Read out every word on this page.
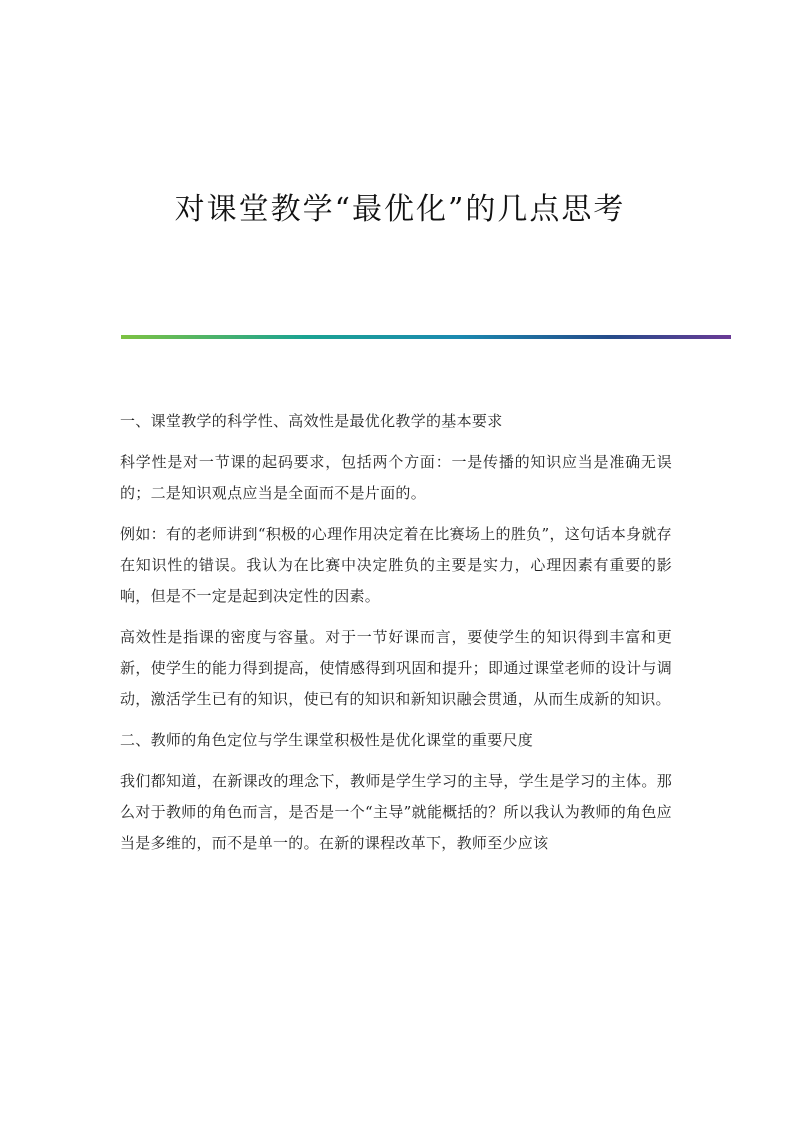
对课堂教学“最优化”的几点思考
一、课堂教学的科学性、高效性是最优化教学的基本要求

科学性是对一节课的起码要求，包括两个方面：一是传播的知识应当是准确无误的；二是知识观点应当是全面而不是片面的。

例如：有的老师讲到“积极的心理作用决定着在比赛场上的胜负”，这句话本身就存在知识性的错误。我认为在比赛中决定胜负的主要是实力，心理因素有重要的影响，但是不一定是起到决定性的因素。

高效性是指课的密度与容量。对于一节好课而言，要使学生的知识得到丰富和更新，使学生的能力得到提高，使情感得到巩固和提升；即通过课堂老师的设计与调动，激活学生已有的知识，使已有的知识和新知识融会贯通，从而生成新的知识。

二、教师的角色定位与学生课堂积极性是优化课堂的重要尺度

我们都知道，在新课改的理念下，教师是学生学习的主导，学生是学习的主体。那么对于教师的角色而言，是否是一个“主导”就能概括的？所以我认为教师的角色应当是多维的，而不是单一的。在新的课程改革下，教师至少应该
